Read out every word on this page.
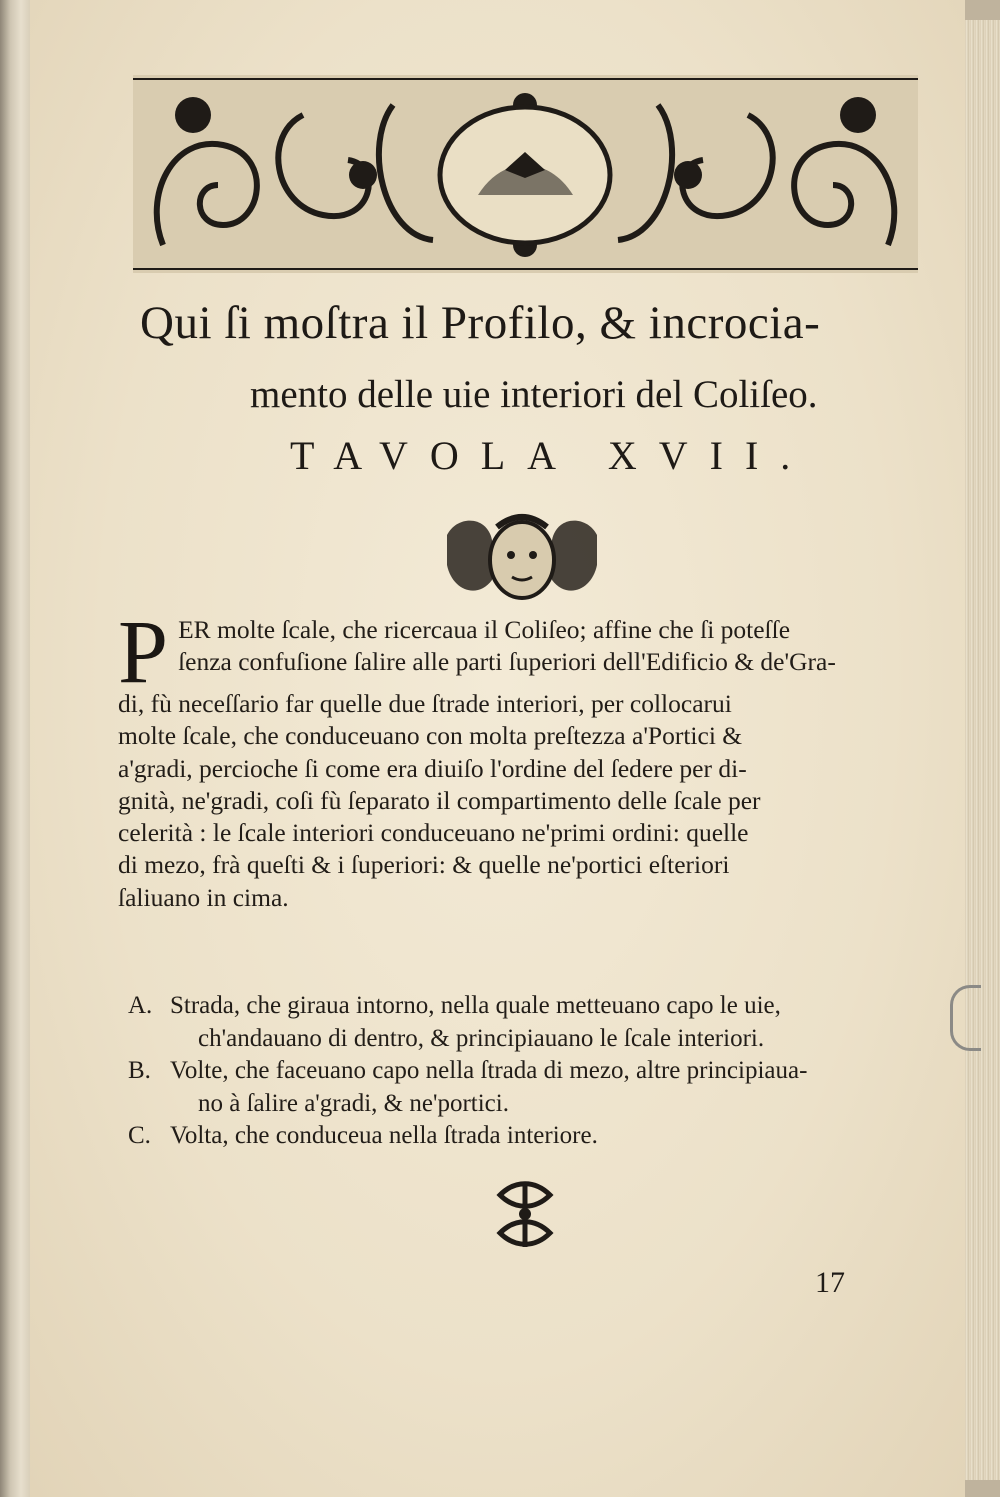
Qui ſi moſtra il Profilo, & incrocia-
mento delle uie interiori del Coliſeo.
TAVOLA XVII.
P ER molte ſcale, che ricercaua il Coliſeo; affine che ſi poteſſe
ſenza confuſione ſalire alle parti ſuperiori dell'Edificio & de'Gra-
di, fù neceſſario far quelle due ſtrade interiori, per collocarui
molte ſcale, che conduceuano con molta preſtezza a'Portici &
a'gradi, percioche ſi come era diuiſo l'ordine del ſedere per di-
gnità, ne'gradi, coſi fù ſeparato il compartimento delle ſcale per
celerità : le ſcale interiori conduceuano ne'primi ordini: quelle
di mezo, frà queſti & i ſuperiori: & quelle ne'portici eſteriori
ſaliuano in cima.
A. Strada, che giraua intorno, nella quale metteuano capo le uie,
ch'andauano di dentro, & principiauano le ſcale interiori.
B. Volte, che faceuano capo nella ſtrada di mezo, altre principiaua-
no à ſalire a'gradi, & ne'portici.
C. Volta, che conduceua nella ſtrada interiore.
17
